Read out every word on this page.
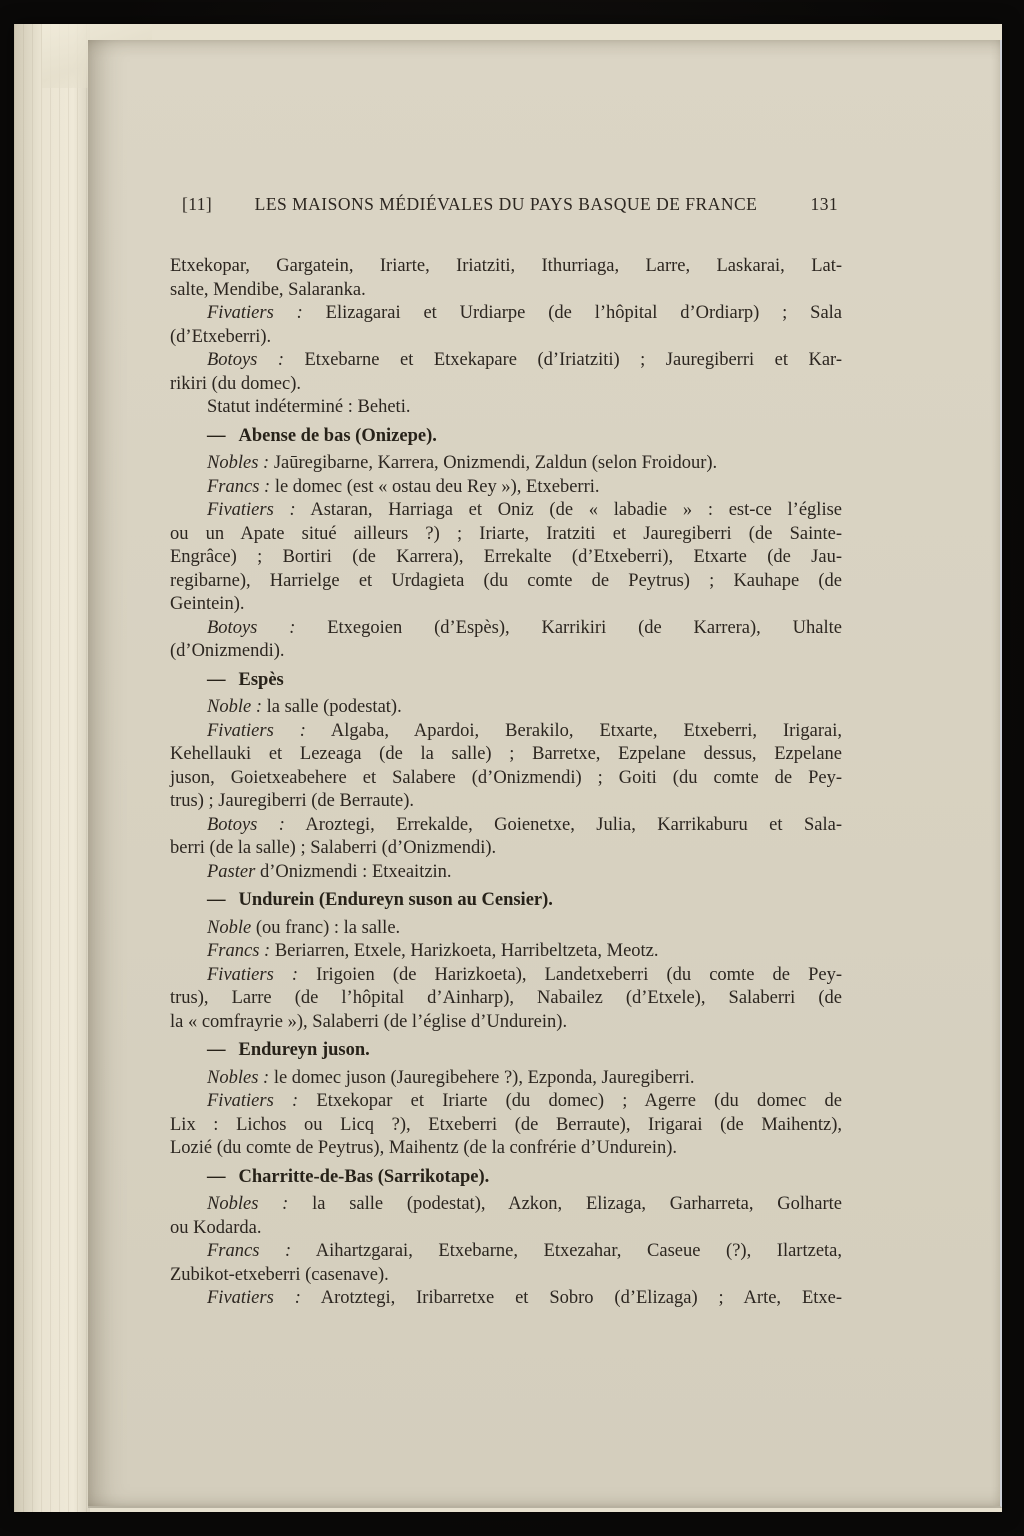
[11]	LES MAISONS MÉDIÉVALES DU PAYS BASQUE DE FRANCE	131
Etxekopar, Gargatein, Iriarte, Iriatziti, Ithurriaga, Larre, Laskarai, Lat-
salte, Mendibe, Salaranka.
Fivatiers : Elizagarai et Urdiarpe (de l’hôpital d’Ordiarp) ; Sala
(d’Etxeberri).
Botoys : Etxebarne et Etxekapare (d’Iriatziti) ; Jauregiberri et Kar-
rikiri (du domec).
Statut indéterminé : Beheti.
— Abense de bas (Onizepe).
Nobles : Jaūregibarne, Karrera, Onizmendi, Zaldun (selon Froidour).
Francs : le domec (est « ostau deu Rey »), Etxeberri.
Fivatiers : Astaran, Harriaga et Oniz (de « labadie » : est-ce l’église
ou un Apate situé ailleurs ?) ; Iriarte, Iratziti et Jauregiberri (de Sainte-
Engrâce) ; Bortiri (de Karrera), Errekalte (d’Etxeberri), Etxarte (de Jau-
regibarne), Harrielge et Urdagieta (du comte de Peytrus) ; Kauhape (de
Geintein).
Botoys : Etxegoien (d’Espès), Karrikiri (de Karrera), Uhalte
(d’Onizmendi).
— Espès
Noble : la salle (podestat).
Fivatiers : Algaba, Apardoi, Berakilo, Etxarte, Etxeberri, Irigarai,
Kehellauki et Lezeaga (de la salle) ; Barretxe, Ezpelane dessus, Ezpelane
juson, Goietxeabehere et Salabere (d’Onizmendi) ; Goiti (du comte de Pey-
trus) ; Jauregiberri (de Berraute).
Botoys : Aroztegi, Errekalde, Goienetxe, Julia, Karrikaburu et Sala-
berri (de la salle) ; Salaberri (d’Onizmendi).
Paster d’Onizmendi : Etxeaitzin.
— Undurein (Endureyn suson au Censier).
Noble (ou franc) : la salle.
Francs : Beriarren, Etxele, Harizkoeta, Harribeltzeta, Meotz.
Fivatiers : Irigoien (de Harizkoeta), Landetxeberri (du comte de Pey-
trus), Larre (de l’hôpital d’Ainharp), Nabailez (d’Etxele), Salaberri (de
la « comfrayrie »), Salaberri (de l’église d’Undurein).
— Endureyn juson.
Nobles : le domec juson (Jauregibehere ?), Ezponda, Jauregiberri.
Fivatiers : Etxekopar et Iriarte (du domec) ; Agerre (du domec de
Lix : Lichos ou Licq ?), Etxeberri (de Berraute), Irigarai (de Maihentz),
Lozié (du comte de Peytrus), Maihentz (de la confrérie d’Undurein).
— Charritte-de-Bas (Sarrikotape).
Nobles : la salle (podestat), Azkon, Elizaga, Garharreta, Golharte
ou Kodarda.
Francs : Aihartzgarai, Etxebarne, Etxezahar, Caseue (?), Ilartzeta,
Zubikot-etxeberri (casenave).
Fivatiers : Arotztegi, Iribarretxe et Sobro (d’Elizaga) ; Arte, Etxe-
